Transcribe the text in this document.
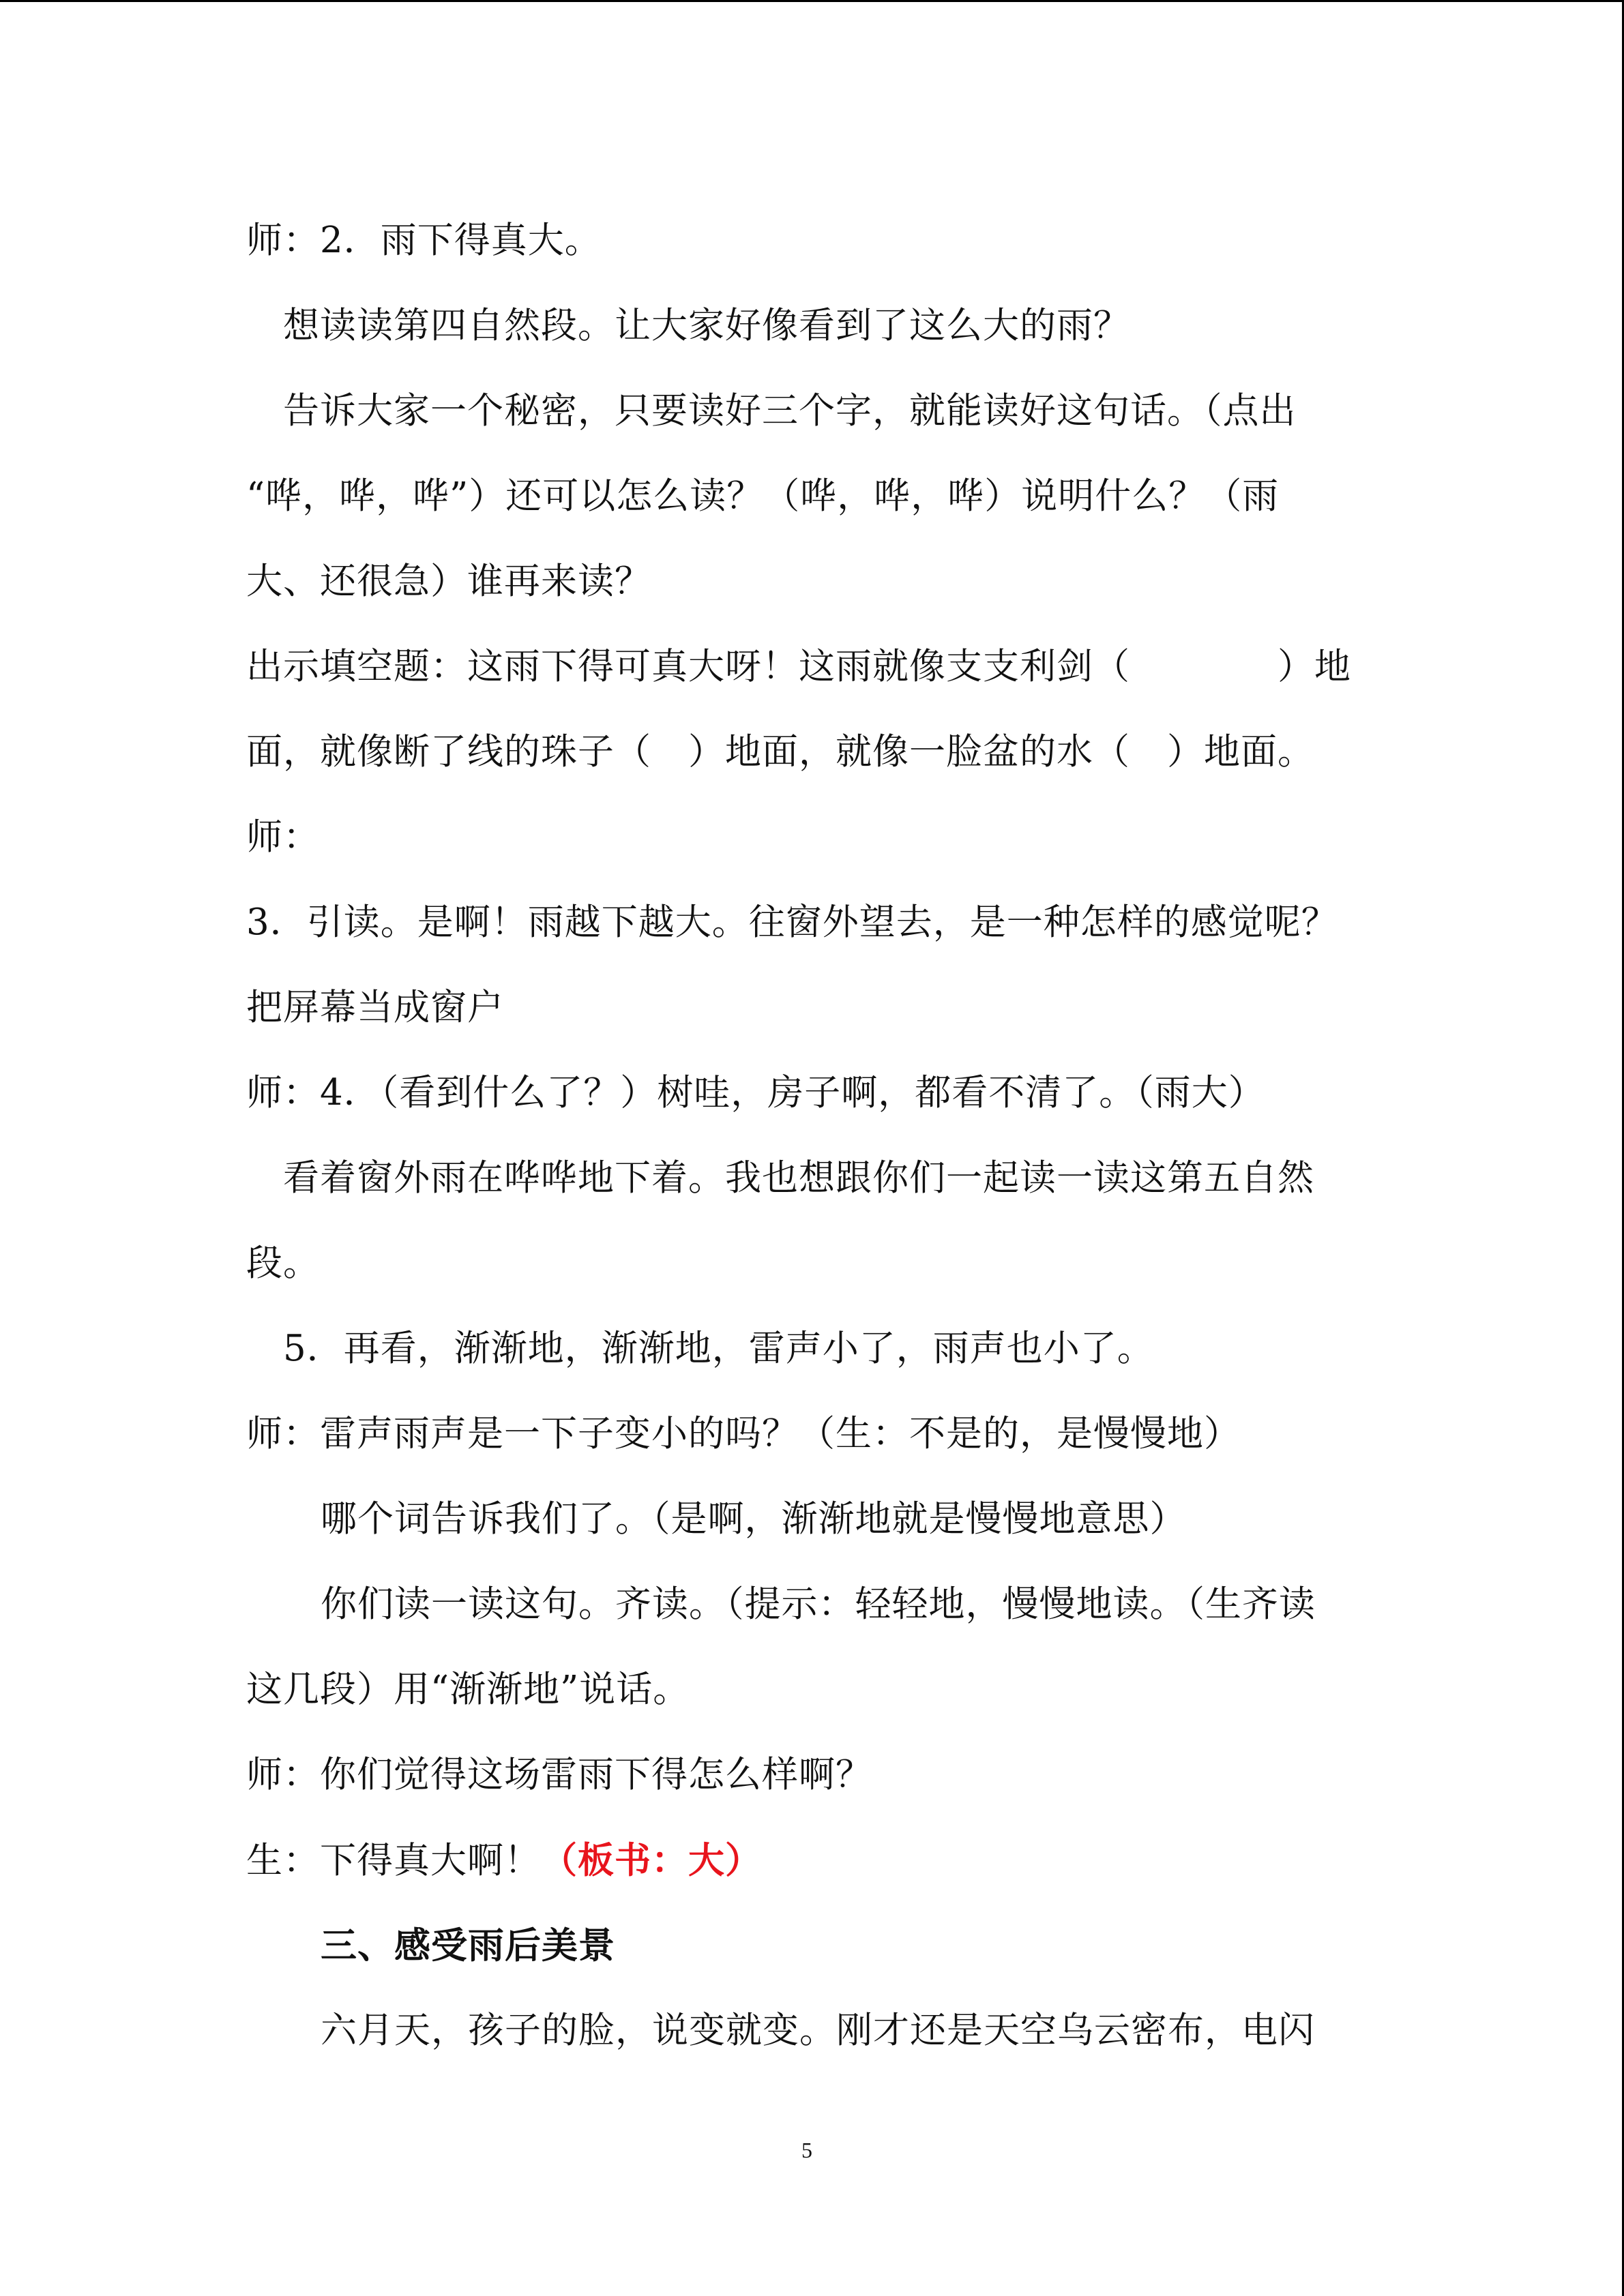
师：2．雨下得真大。
想读读第四自然段。让大家好像看到了这么大的雨？
告诉大家一个秘密，只要读好三个字，就能读好这句话。（点出
“哗，哗，哗”）还可以怎么读？（哗，哗，哗）说明什么？（雨
大、还很急）谁再来读？
出示填空题：这雨下得可真大呀！这雨就像支支利剑（　　　　）地
面，就像断了线的珠子（　）地面，就像一脸盆的水（　）地面。
师：
3．引读。是啊！雨越下越大。往窗外望去，是一种怎样的感觉呢？
把屏幕当成窗户
师：4．（看到什么了？）树哇，房子啊，都看不清了。（雨大）
看着窗外雨在哗哗地下着。我也想跟你们一起读一读这第五自然
段。
5．再看，渐渐地，渐渐地，雷声小了，雨声也小了。
师：雷声雨声是一下子变小的吗？（生：不是的，是慢慢地）
哪个词告诉我们了。（是啊，渐渐地就是慢慢地意思）
你们读一读这句。齐读。（提示：轻轻地，慢慢地读。（生齐读
这几段）用“渐渐地”说话。
师：你们觉得这场雷雨下得怎么样啊？
生：下得真大啊！（板书：大）
三、感受雨后美景
六月天，孩子的脸，说变就变。刚才还是天空乌云密布，电闪
5
